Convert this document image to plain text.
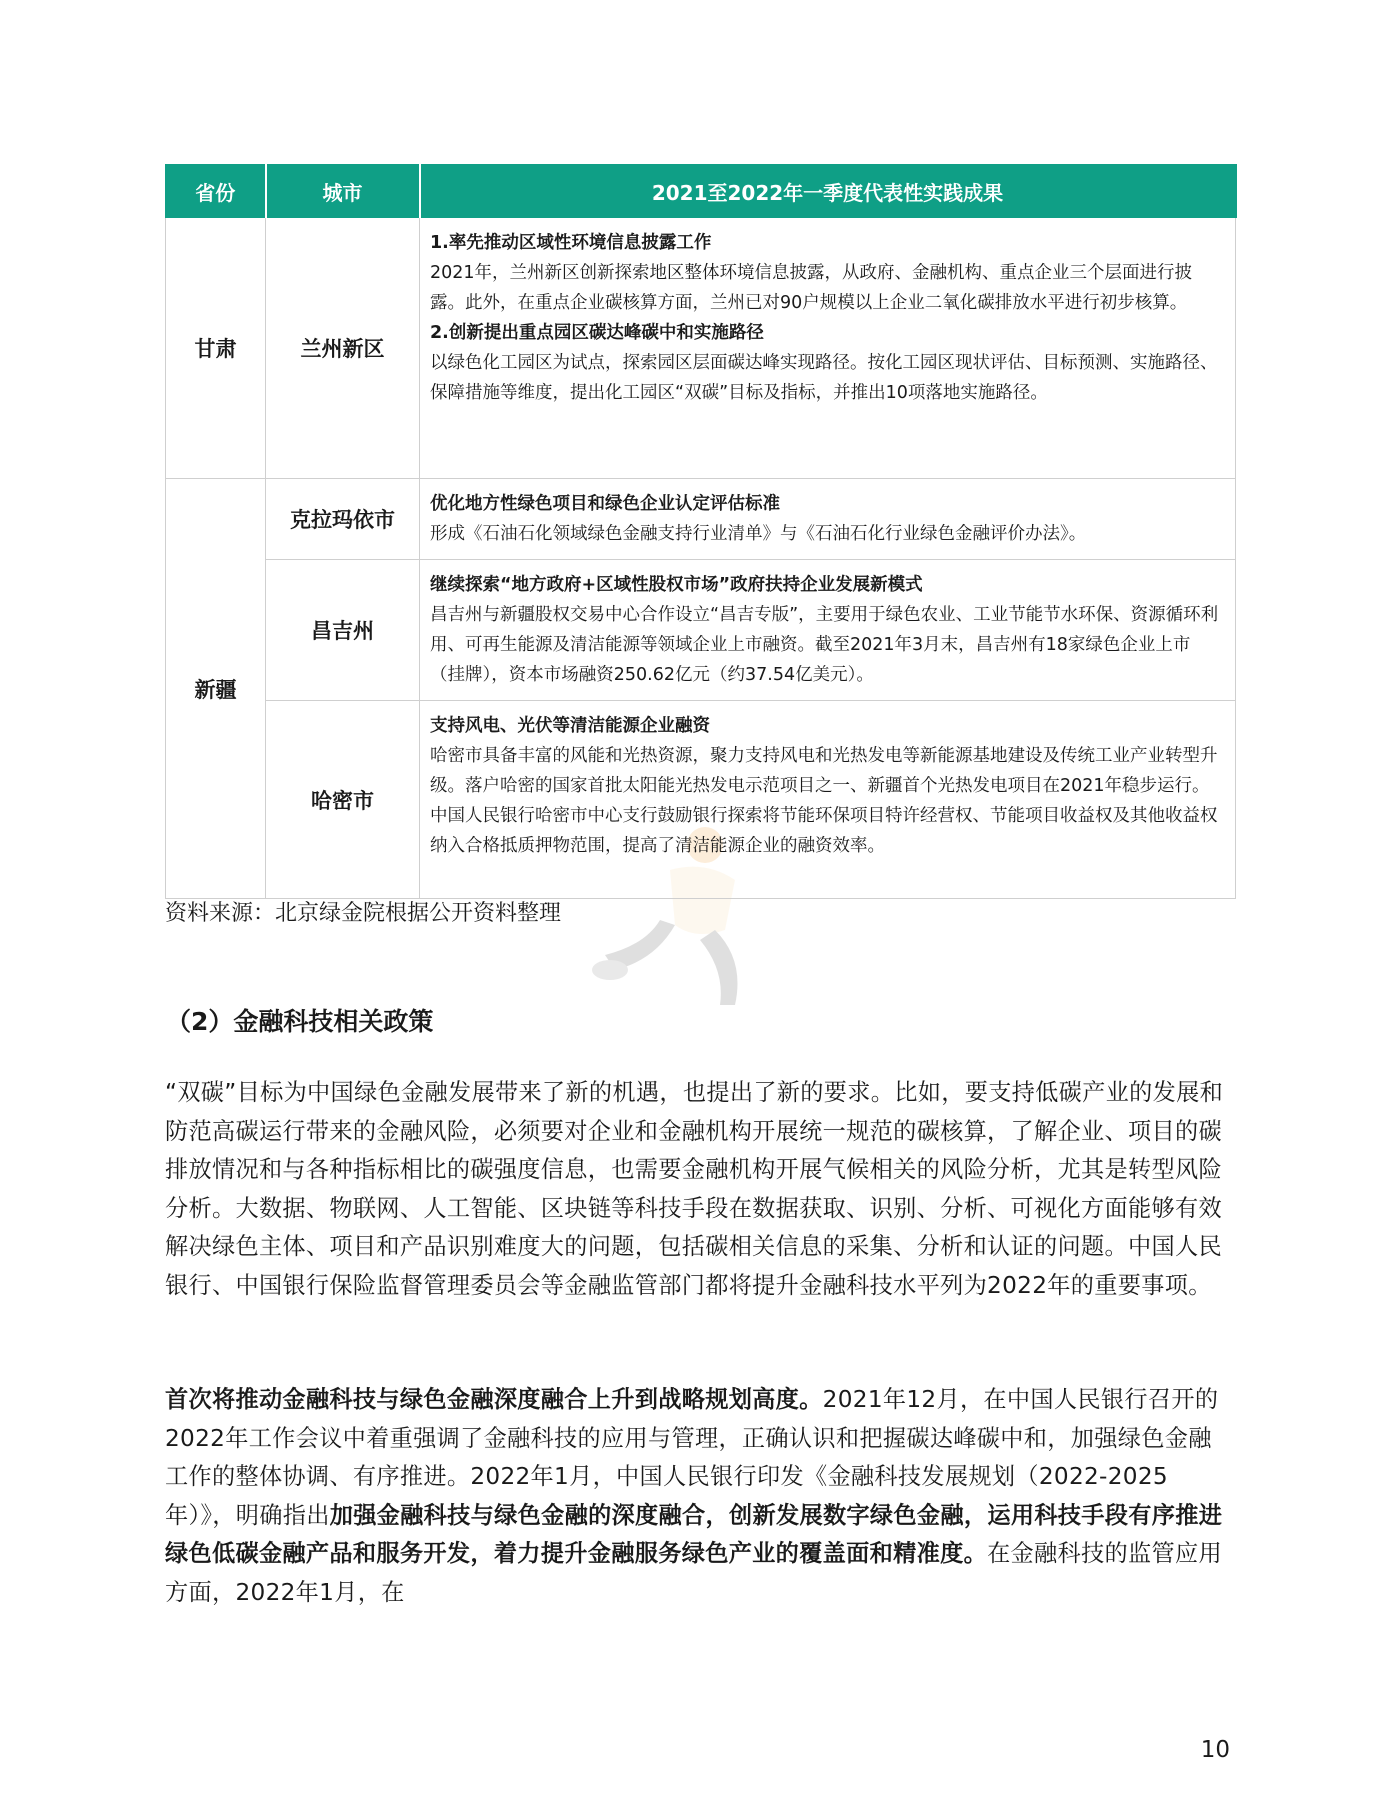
省份	城市	2021至2022年一季度代表性实践成果
甘肃	兰州新区	1.率先推动区域性环境信息披露工作
2021年，兰州新区创新探索地区整体环境信息披露，从政府、金融机构、重点企业三个层面进行披露。此外，在重点企业碳核算方面，兰州已对90户规模以上企业二氧化碳排放水平进行初步核算。
2.创新提出重点园区碳达峰碳中和实施路径
以绿色化工园区为试点，探索园区层面碳达峰实现路径。按化工园区现状评估、目标预测、实施路径、保障措施等维度，提出化工园区“双碳”目标及指标，并推出10项落地实施路径。

新疆	克拉玛依市	优化地方性绿色项目和绿色企业认定评估标准
形成《石油石化领域绿色金融支持行业清单》与《石油石化行业绿色金融评价办法》。

	昌吉州	继续探索“地方政府+区域性股权市场”政府扶持企业发展新模式
昌吉州与新疆股权交易中心合作设立“昌吉专版”，主要用于绿色农业、工业节能节水环保、资源循环利用、可再生能源及清洁能源等领域企业上市融资。截至2021年3月末，昌吉州有18家绿色企业上市（挂牌），资本市场融资250.62亿元（约37.54亿美元）。

	哈密市	支持风电、光伏等清洁能源企业融资
哈密市具备丰富的风能和光热资源，聚力支持风电和光热发电等新能源基地建设及传统工业产业转型升级。落户哈密的国家首批太阳能光热发电示范项目之一、新疆首个光热发电项目在2021年稳步运行。中国人民银行哈密市中心支行鼓励银行探索将节能环保项目特许经营权、节能项目收益权及其他收益权纳入合格抵质押物范围，提高了清洁能源企业的融资效率。
资料来源：北京绿金院根据公开资料整理
（2）金融科技相关政策

“双碳”目标为中国绿色金融发展带来了新的机遇，也提出了新的要求。比如，要支持低碳产业的发展和防范高碳运行带来的金融风险，必须要对企业和金融机构开展统一规范的碳核算，了解企业、项目的碳排放情况和与各种指标相比的碳强度信息，也需要金融机构开展气候相关的风险分析，尤其是转型风险分析。大数据、物联网、人工智能、区块链等科技手段在数据获取、识别、分析、可视化方面能够有效解决绿色主体、项目和产品识别难度大的问题，包括碳相关信息的采集、分析和认证的问题。中国人民银行、中国银行保险监督管理委员会等金融监管部门都将提升金融科技水平列为2022年的重要事项。

首次将推动金融科技与绿色金融深度融合上升到战略规划高度。2021年12月，在中国人民银行召开的2022年工作会议中着重强调了金融科技的应用与管理，正确认识和把握碳达峰碳中和，加强绿色金融工作的整体协调、有序推进。2022年1月，中国人民银行印发《金融科技发展规划（2022-2025年）》，明确指出加强金融科技与绿色金融的深度融合，创新发展数字绿色金融，运用科技手段有序推进绿色低碳金融产品和服务开发，着力提升金融服务绿色产业的覆盖面和精准度。在金融科技的监管应用方面，2022年1月，在

10
